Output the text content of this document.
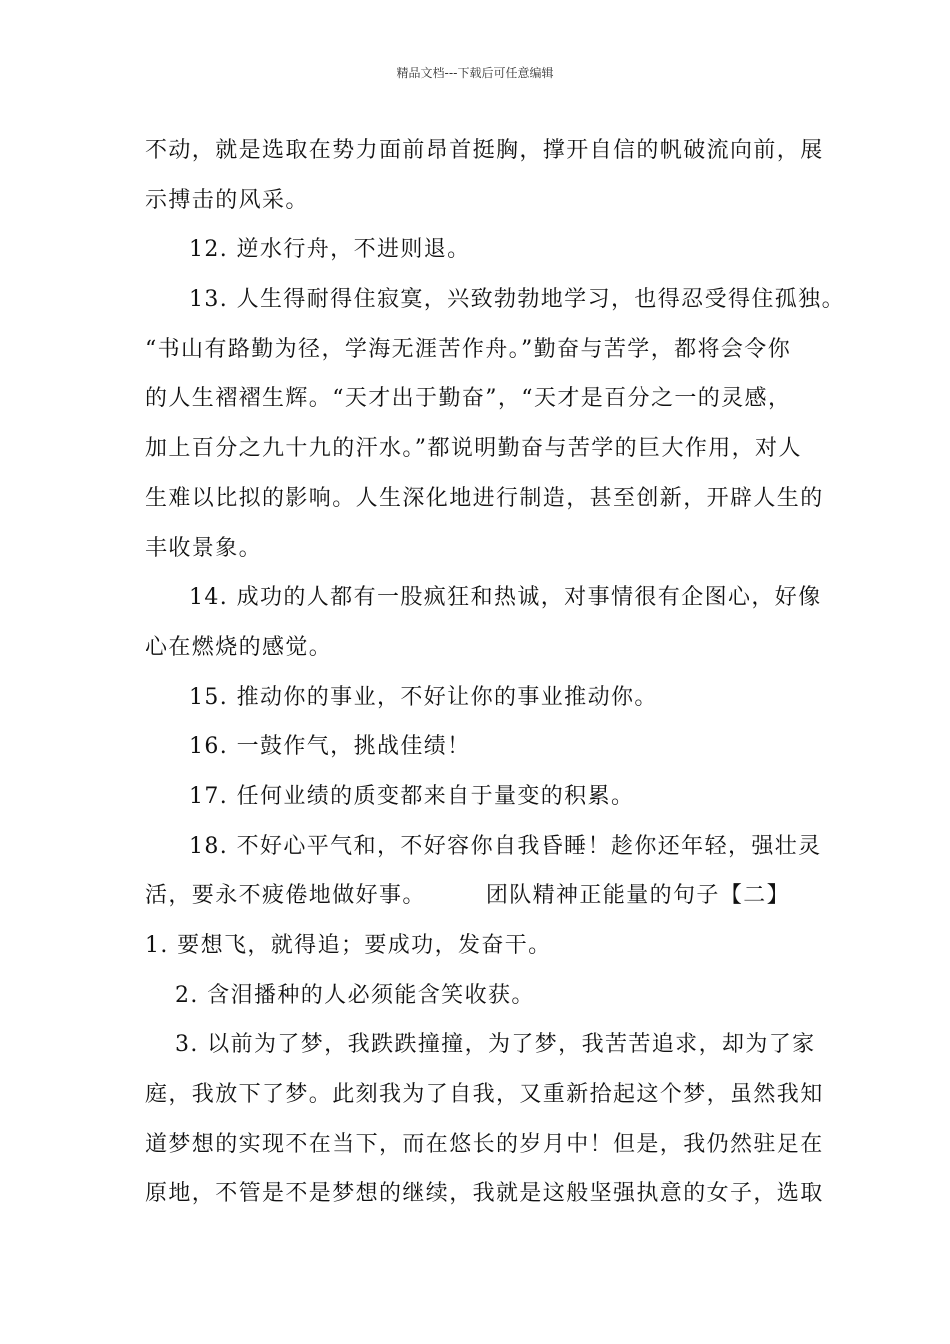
精品文档---下载后可任意编辑
不动，就是选取在势力面前昂首挺胸，撑开自信的帆破流向前，展
示搏击的风采。
12. 逆水行舟，不进则退。
13. 人生得耐得住寂寞，兴致勃勃地学习，也得忍受得住孤独。
“书山有路勤为径，学海无涯苦作舟。”勤奋与苦学，都将会令你
的人生褶褶生辉。“天才出于勤奋”，“天才是百分之一的灵感，
加上百分之九十九的汗水。”都说明勤奋与苦学的巨大作用，对人
生难以比拟的影响。人生深化地进行制造，甚至创新，开辟人生的
丰收景象。
14. 成功的人都有一股疯狂和热诚，对事情很有企图心，好像
心在燃烧的感觉。
15. 推动你的事业，不好让你的事业推动你。
16. 一鼓作气，挑战佳绩！
17. 任何业绩的质变都来自于量变的积累。
18. 不好心平气和，不好容你自我昏睡！趁你还年轻，强壮灵
活，要永不疲倦地做好事。	团队精神正能量的句子【二】
1. 要想飞，就得追；要成功，发奋干。
2. 含泪播种的人必须能含笑收获。
3. 以前为了梦，我跌跌撞撞，为了梦，我苦苦追求，却为了家
庭，我放下了梦。此刻我为了自我，又重新拾起这个梦，虽然我知
道梦想的实现不在当下，而在悠长的岁月中！但是，我仍然驻足在
原地，不管是不是梦想的继续，我就是这般坚强执意的女子，选取
